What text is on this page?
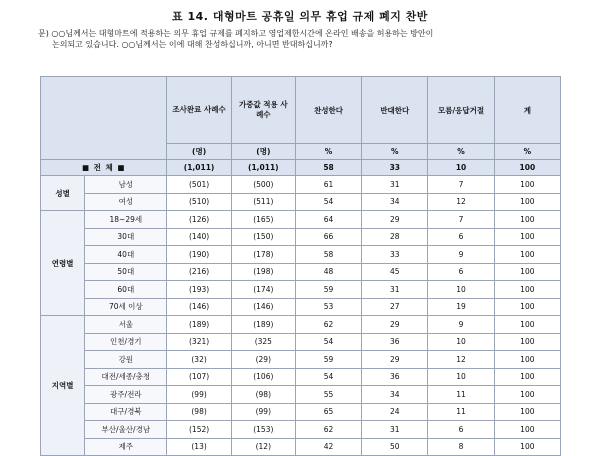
표 14. 대형마트 공휴일 의무 휴업 규제 폐지 찬반
문) ○○님께서는 대형마트에 적용하는 의무 휴업 규제를 폐지하고 영업제한시간에 온라인 배송을 허용하는 방안이
논의되고 있습니다. ○○님께서는 이에 대해 찬성하십니까, 아니면 반대하십니까?
		조사완료 사례수	가중값 적용 사례수	찬성한다	반대한다	모름/응답거절	계
		(명)	(명)	%	%	%	%
■ 전 체 ■		(1,011)	(1,011)	58	33	10	100
성별	남성	(501)	(500)	61	31	7	100
	여성	(510)	(511)	54	34	12	100
연령별	18~29세	(126)	(165)	64	29	7	100
	30대	(140)	(150)	66	28	6	100
	40대	(190)	(178)	58	33	9	100
	50대	(216)	(198)	48	45	6	100
	60대	(193)	(174)	59	31	10	100
	70세 이상	(146)	(146)	53	27	19	100
지역별	서울	(189)	(189)	62	29	9	100
	인천/경기	(321)	(325	54	36	10	100
	강원	(32)	(29)	59	29	12	100
	대전/세종/충청	(107)	(106)	54	36	10	100
	광주/전라	(99)	(98)	55	34	11	100
	대구/경북	(98)	(99)	65	24	11	100
	부산/울산/경남	(152)	(153)	62	31	6	100
	제주	(13)	(12)	42	50	8	100
